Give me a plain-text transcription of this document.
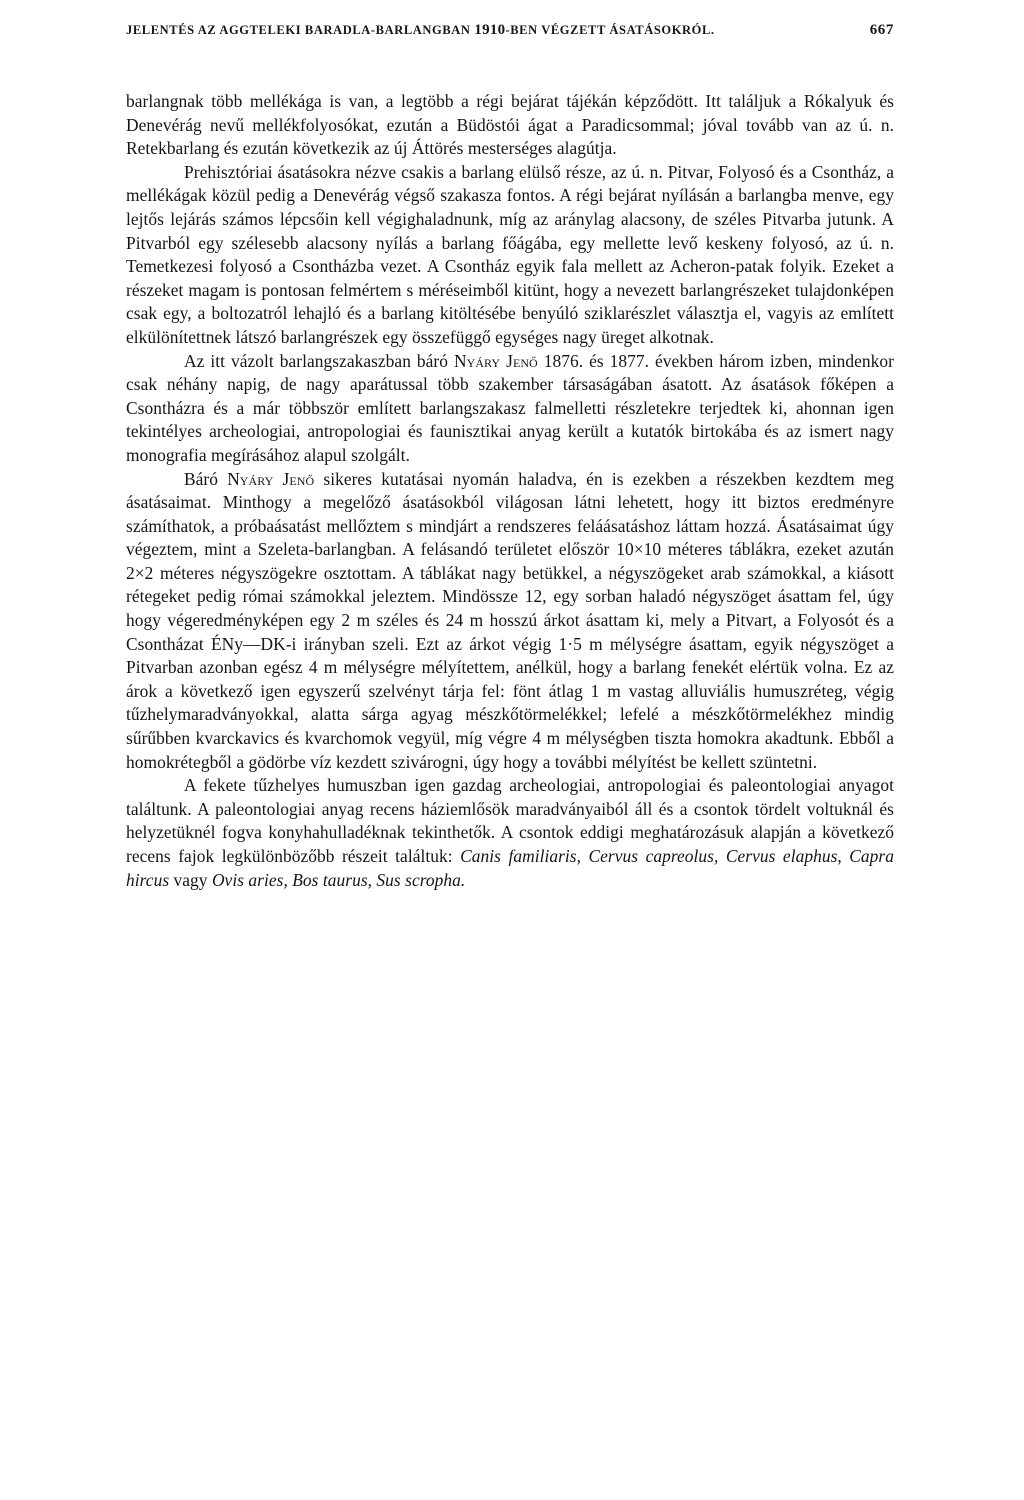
JELENTÉS AZ AGGTELEKI BARADLA-BARLANGBAN 1910-BEN VÉGZETT ÁSATÁSOKRÓL.	667

barlangnak több mellékága is van, a legtöbb a régi bejárat tájékán képződött. Itt találjuk a Rókalyuk és Denevérág nevű mellékfolyosókat, ezután a Büdöstói ágat a Paradicsommal; jóval tovább van az ú. n. Retekbarlang és ezután következik az új Áttörés mesterséges alagútja.

Prehisztóriai ásatásokra nézve csakis a barlang elülső része, az ú. n. Pitvar, Folyosó és a Csontház, a mellékágak közül pedig a Denevérág végső szakasza fontos. A régi bejárat nyílásán a barlangba menve, egy lejtős lejárás számos lépcsőin kell végighaladnunk, míg az aránylag alacsony, de széles Pitvarba jutunk. A Pitvarból egy szélesebb alacsony nyílás a barlang főágába, egy mellette levő keskeny folyosó, az ú. n. Temetkezesi folyosó a Csontházba vezet. A Csontház egyik fala mellett az Acheron-patak folyik. Ezeket a részeket magam is pontosan felmértem s méréseimből kitünt, hogy a nevezett barlangrészeket tulajdonképen csak egy, a boltozatról lehajló és a barlang kitöltésébe benyúló sziklarészlet választja el, vagyis az említett elkülönítettnek látszó barlangrészek egy összefüggő egységes nagy üreget alkotnak.

Az itt vázolt barlangszakaszban báró Nyáry Jenő 1876. és 1877. években három izben, mindenkor csak néhány napig, de nagy aparátussal több szakember társaságában ásatott. Az ásatások főképen a Csontházra és a már többször említett barlangszakasz falmelletti részletekre terjedtek ki, ahonnan igen tekintélyes archeologiai, antropologiai és faunisztikai anyag került a kutatók birtokába és az ismert nagy monografia megírásához alapul szolgált.

Báró Nyáry Jenő sikeres kutatásai nyomán haladva, én is ezekben a részekben kezdtem meg ásatásaimat. Minthogy a megelőző ásatásokból világosan látni lehetett, hogy itt biztos eredményre számíthatok, a próbaásatást mellőztem s mindjárt a rendszeres feláásatáshoz láttam hozzá. Ásatásaimat úgy végeztem, mint a Szeleta-barlangban. A felásandó területet először 10×10 méteres táblákra, ezeket azután 2×2 méteres négyszögekre osztottam. A táblákat nagy betükkel, a négyszögeket arab számokkal, a kiásott rétegeket pedig római számokkal jeleztem. Mindössze 12, egy sorban haladó négyszöget ásattam fel, úgy hogy végeredményképen egy 2 m széles és 24 m hosszú árkot ásattam ki, mely a Pitvart, a Folyosót és a Csontházat ÉNy—DK-i irányban szeli. Ezt az árkot végig 1·5 m mélységre ásattam, egyik négyszöget a Pitvarban azonban egész 4 m mélységre mélyítettem, anélkül, hogy a barlang fenekét elértük volna. Ez az árok a következő igen egyszerű szelvényt tárja fel: fönt átlag 1 m vastag alluviális humuszréteg, végig tűzhelymaradványokkal, alatta sárga agyag mészkőtörmelékkel; lefelé a mészkőtörmelékhez mindig sűrűbben kvarckavics és kvarchomok vegyül, míg végre 4 m mélységben tiszta homokra akadtunk. Ebből a homokrétegből a gödörbe víz kezdett szivárogni, úgy hogy a további mélyítést be kellett szüntetni.

A fekete tűzhelyes humuszban igen gazdag archeologiai, antropologiai és paleontologiai anyagot találtunk. A paleontologiai anyag recens háziemlősök maradványaiból áll és a csontok tördelt voltuknál és helyzetüknél fogva konyhahulladéknak tekinthetők. A csontok eddigi meghatározásuk alapján a következő recens fajok legkülönbözőbb részeit találtuk: Canis familiaris, Cervus capreolus, Cervus elaphus, Capra hircus vagy Ovis aries, Bos taurus, Sus scropha.
